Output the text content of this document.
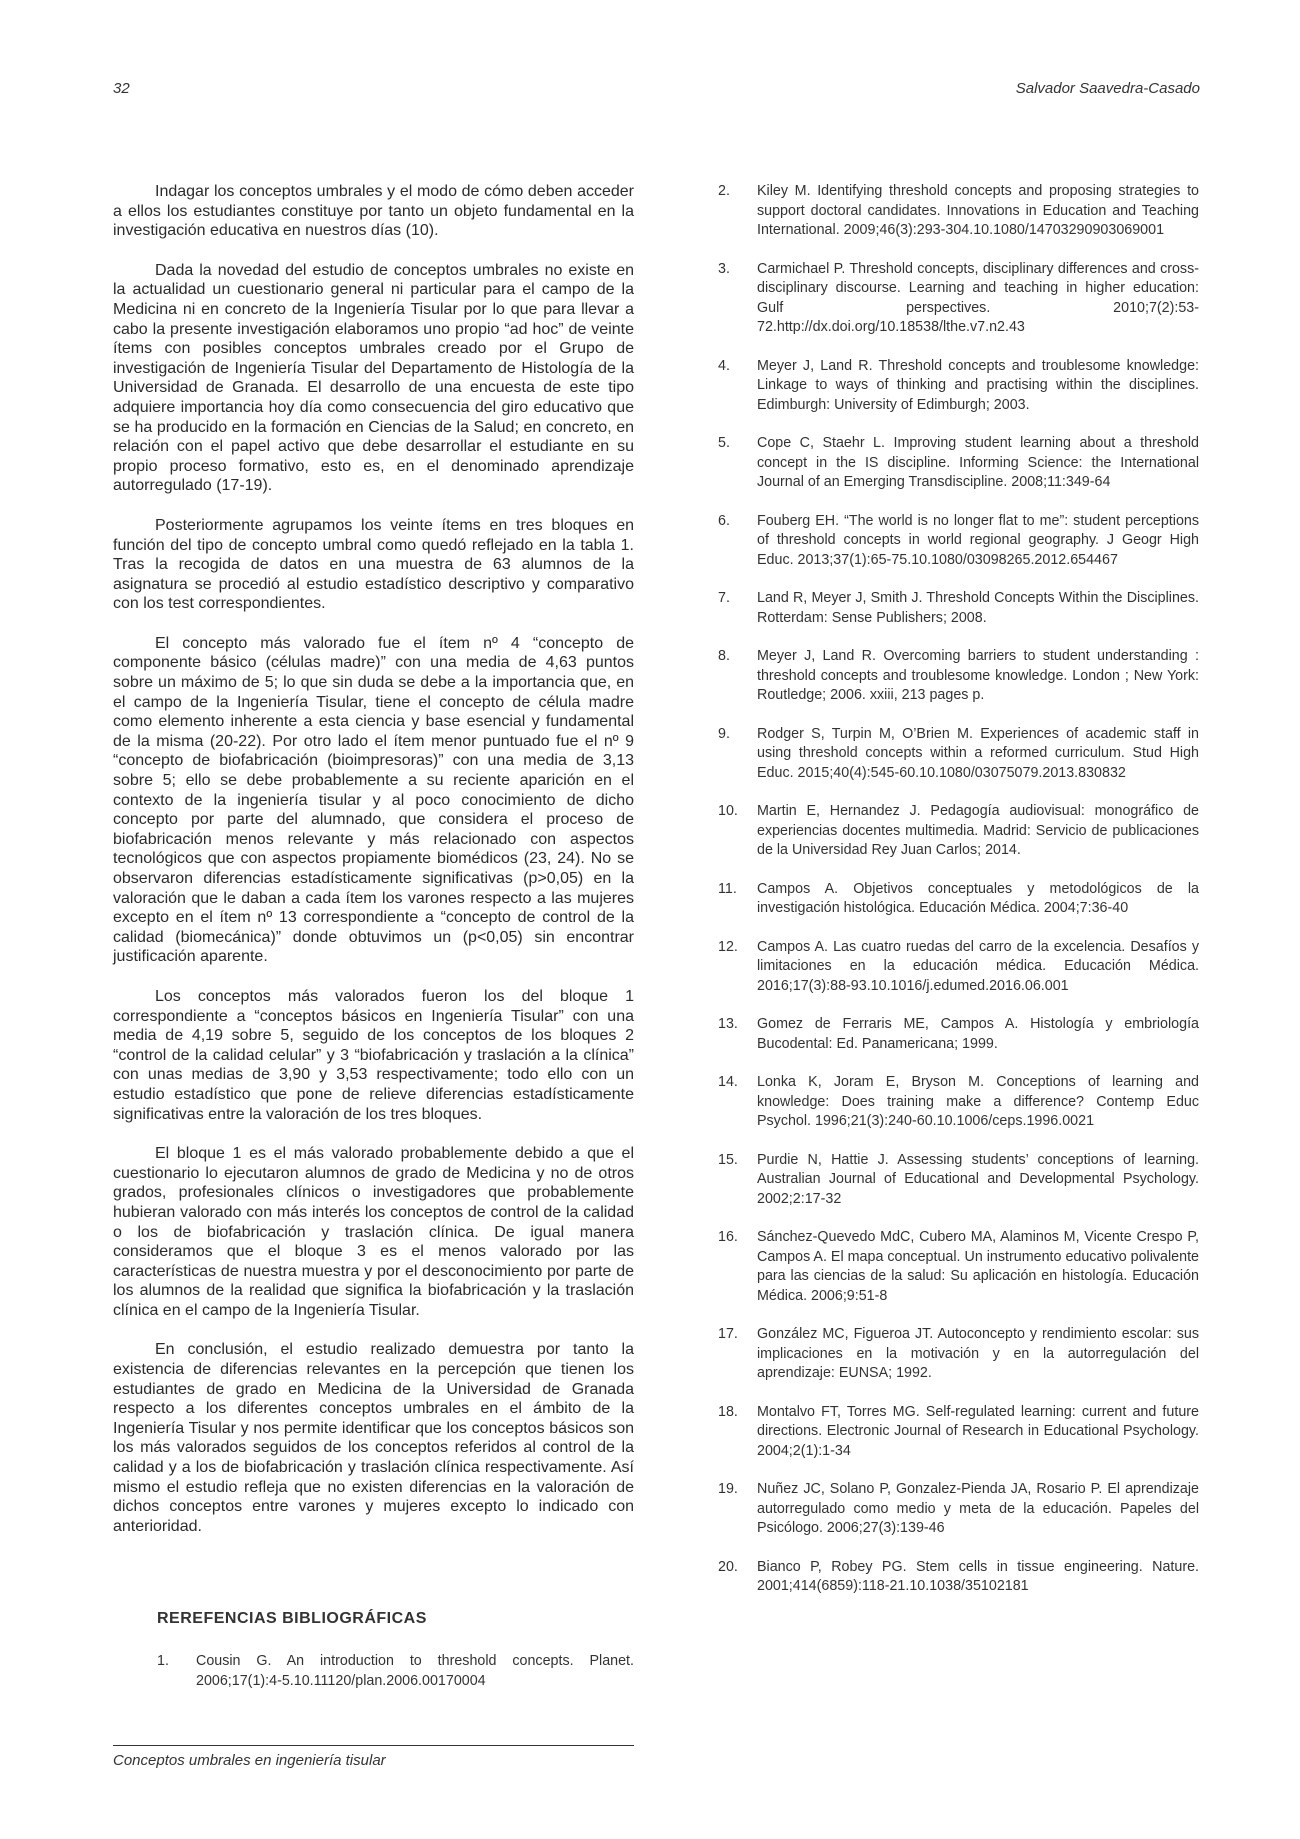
32	Salvador Saavedra-Casado

Indagar los conceptos umbrales y el modo de cómo deben acceder a ellos los estudiantes constituye por tanto un objeto fundamental en la investigación educativa en nuestros días (10).

Dada la novedad del estudio de conceptos umbrales no existe en la actualidad un cuestionario general ni particular para el campo de la Medicina ni en concreto de la Ingeniería Tisular por lo que para llevar a cabo la presente investigación elaboramos uno propio “ad hoc” de veinte ítems con posibles conceptos umbrales creado por el Grupo de investigación de Ingeniería Tisular del Departamento de Histología de la Universidad de Granada. El desarrollo de una encuesta de este tipo adquiere importancia hoy día como consecuencia del giro educativo que se ha producido en la formación en Ciencias de la Salud; en concreto, en relación con el papel activo que debe desarrollar el estudiante en su propio proceso formativo, esto es, en el denominado aprendizaje autorregulado (17-19).

Posteriormente agrupamos los veinte ítems en tres bloques en función del tipo de concepto umbral como quedó reflejado en la tabla 1. Tras la recogida de datos en una muestra de 63 alumnos de la asignatura se procedió al estudio estadístico descriptivo y comparativo con los test correspondientes.

El concepto más valorado fue el ítem nº 4 “concepto de componente básico (células madre)” con una media de 4,63 puntos sobre un máximo de 5; lo que sin duda se debe a la importancia que, en el campo de la Ingeniería Tisular, tiene el concepto de célula madre como elemento inherente a esta ciencia y base esencial y fundamental de la misma (20-22). Por otro lado el ítem menor puntuado fue el nº 9 “concepto de biofabricación (bioimpresoras)” con una media de 3,13 sobre 5; ello se debe probablemente a su reciente aparición en el contexto de la ingeniería tisular y al poco conocimiento de dicho concepto por parte del alumnado, que considera el proceso de biofabricación menos relevante y más relacionado con aspectos tecnológicos que con aspectos propiamente biomédicos (23, 24). No se observaron diferencias estadísticamente significativas (p>0,05) en la valoración que le daban a cada ítem los varones respecto a las mujeres excepto en el ítem nº 13 correspondiente a “concepto de control de la calidad (biomecánica)” donde obtuvimos un (p<0,05) sin encontrar justificación aparente.

Los conceptos más valorados fueron los del bloque 1 correspondiente a “conceptos básicos en Ingeniería Tisular” con una media de 4,19 sobre 5, seguido de los conceptos de los bloques 2 “control de la calidad celular” y 3 “biofabricación y traslación a la clínica” con unas medias de 3,90 y 3,53 respectivamente; todo ello con un estudio estadístico que pone de relieve diferencias estadísticamente significativas entre la valoración de los tres bloques.

El bloque 1 es el más valorado probablemente debido a que el cuestionario lo ejecutaron alumnos de grado de Medicina y no de otros grados, profesionales clínicos o investigadores que probablemente hubieran valorado con más interés los conceptos de control de la calidad o los de biofabricación y traslación clínica. De igual manera consideramos que el bloque 3 es el menos valorado por las características de nuestra muestra y por el desconocimiento por parte de los alumnos de la realidad que significa la biofabricación y la traslación clínica en el campo de la Ingeniería Tisular.

En conclusión, el estudio realizado demuestra por tanto la existencia de diferencias relevantes en la percepción que tienen los estudiantes de grado en Medicina de la Universidad de Granada respecto a los diferentes conceptos umbrales en el ámbito de la Ingeniería Tisular y nos permite identificar que los conceptos básicos son los más valorados seguidos de los conceptos referidos al control de la calidad y a los de biofabricación y traslación clínica respectivamente. Así mismo el estudio refleja que no existen diferencias en la valoración de dichos conceptos entre varones y mujeres excepto lo indicado con anterioridad.

REREFENCIAS BIBLIOGRÁFICAS
1.	Cousin G. An introduction to threshold concepts. Planet. 2006;17(1):4-5.10.11120/plan.2006.00170004
2.	Kiley M. Identifying threshold concepts and proposing strategies to support doctoral candidates. Innovations in Education and Teaching International. 2009;46(3):293-304.10.1080/14703290903069001
3.	Carmichael P. Threshold concepts, disciplinary differences and cross-disciplinary discourse. Learning and teaching in higher education: Gulf perspectives. 2010;7(2):53-72.http://dx.doi.org/10.18538/lthe.v7.n2.43
4.	Meyer J, Land R. Threshold concepts and troublesome knowledge: Linkage to ways of thinking and practising within the disciplines. Edimburgh: University of Edimburgh; 2003.
5.	Cope C, Staehr L. Improving student learning about a threshold concept in the IS discipline. Informing Science: the International Journal of an Emerging Transdiscipline. 2008;11:349-64
6.	Fouberg EH. “The world is no longer flat to me”: student perceptions of threshold concepts in world regional geography. J Geogr High Educ. 2013;37(1):65-75.10.1080/03098265.2012.654467
7.	Land R, Meyer J, Smith J. Threshold Concepts Within the Disciplines. Rotterdam: Sense Publishers; 2008.
8.	Meyer J, Land R. Overcoming barriers to student understanding : threshold concepts and troublesome knowledge. London ; New York: Routledge; 2006. xxiii, 213 pages p.
9.	Rodger S, Turpin M, O’Brien M. Experiences of academic staff in using threshold concepts within a reformed curriculum. Stud High Educ. 2015;40(4):545-60.10.1080/03075079.2013.830832
10.	Martin E, Hernandez J. Pedagogía audiovisual: monográfico de experiencias docentes multimedia. Madrid: Servicio de publicaciones de la Universidad Rey Juan Carlos; 2014.
11.	Campos A. Objetivos conceptuales y metodológicos de la investigación histológica. Educación Médica. 2004;7:36-40
12.	Campos A. Las cuatro ruedas del carro de la excelencia. Desafíos y limitaciones en la educación médica. Educación Médica. 2016;17(3):88-93.10.1016/j.edumed.2016.06.001
13.	Gomez de Ferraris ME, Campos A. Histología y embriología Bucodental: Ed. Panamericana; 1999.
14.	Lonka K, Joram E, Bryson M. Conceptions of learning and knowledge: Does training make a difference? Contemp Educ Psychol. 1996;21(3):240-60.10.1006/ceps.1996.0021
15.	Purdie N, Hattie J. Assessing students’ conceptions of learning. Australian Journal of Educational and Developmental Psychology. 2002;2:17-32
16.	Sánchez-Quevedo MdC, Cubero MA, Alaminos M, Vicente Crespo P, Campos A. El mapa conceptual. Un instrumento educativo polivalente para las ciencias de la salud: Su aplicación en histología. Educación Médica. 2006;9:51-8
17.	González MC, Figueroa JT. Autoconcepto y rendimiento escolar: sus implicaciones en la motivación y en la autorregulación del aprendizaje: EUNSA; 1992.
18.	Montalvo FT, Torres MG. Self-regulated learning: current and future directions. Electronic Journal of Research in Educational Psychology. 2004;2(1):1-34
19.	Nuñez JC, Solano P, Gonzalez-Pienda JA, Rosario P. El aprendizaje autorregulado como medio y meta de la educación. Papeles del Psicólogo. 2006;27(3):139-46
20.	Bianco P, Robey PG. Stem cells in tissue engineering. Nature. 2001;414(6859):118-21.10.1038/35102181
Conceptos umbrales en ingeniería tisular
